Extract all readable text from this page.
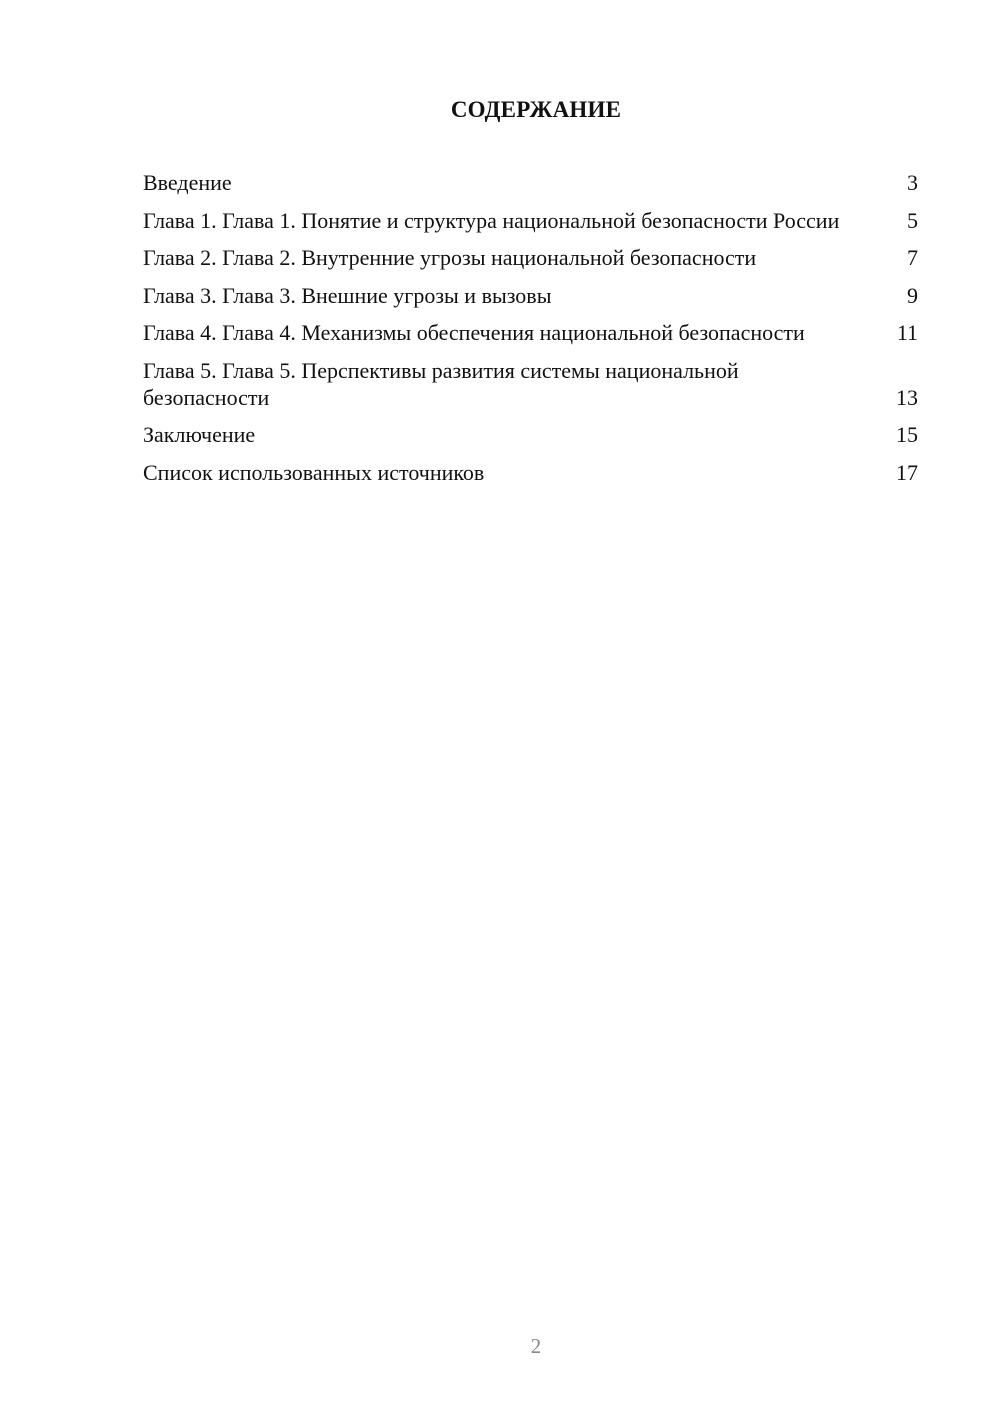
СОДЕРЖАНИЕ
Введение	3
Глава 1. Глава 1. Понятие и структура национальной безопасности России	5
Глава 2. Глава 2. Внутренние угрозы национальной безопасности	7
Глава 3. Глава 3. Внешние угрозы и вызовы	9
Глава 4. Глава 4. Механизмы обеспечения национальной безопасности	11
Глава 5. Глава 5. Перспективы развития системы национальной безопасности	13
Заключение	15
Список использованных источников	17
2
